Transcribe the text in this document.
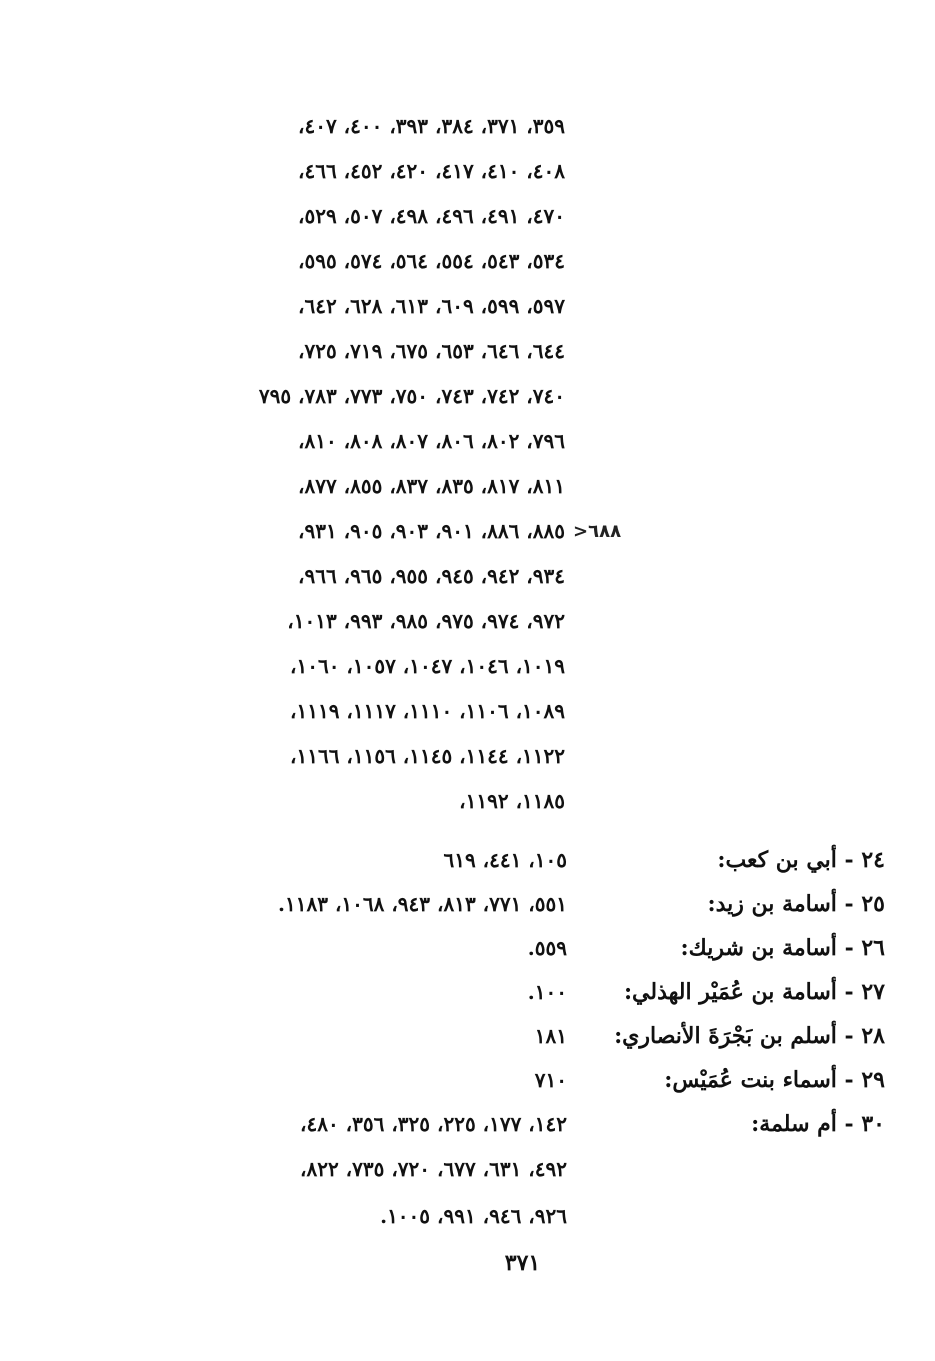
٣٥٩، ٣٧١، ٣٨٤، ٣٩٣، ٤٠٠، ٤٠٧،
٤٠٨، ٤١٠، ٤١٧، ٤٢٠، ٤٥٢، ٤٦٦،
٤٧٠، ٤٩١، ٤٩٦، ٤٩٨، ٥٠٧، ٥٢٩،
٥٣٤، ٥٤٣، ٥٥٤، ٥٦٤، ٥٧٤، ٥٩٥،
٥٩٧، ٥٩٩، ٦٠٩، ٦١٣، ٦٢٨، ٦٤٢،
٦٤٤، ٦٤٦، ٦٥٣، ٦٧٥، ٧١٩، ٧٢٥،
٧٤٠، ٧٤٢، ٧٤٣، ٧٥٠، ٧٧٣، ٧٨٣، ٧٩٥
٧٩٦، ٨٠٢، ٨٠٦، ٨٠٧، ٨٠٨، ٨١٠،
٨١١، ٨١٧، ٨٣٥، ٨٣٧، ٨٥٥، ٨٧٧،
٨٨٥، ٨٨٦، ٩٠١، ٩٠٣، ٩٠٥، ٩٣١، ٦٨٨<
٩٣٤، ٩٤٢، ٩٤٥، ٩٥٥، ٩٦٥، ٩٦٦،
٩٧٢، ٩٧٤، ٩٧٥، ٩٨٥، ٩٩٣، ١٠١٣،
١٠١٩، ١٠٤٦، ١٠٤٧، ١٠٥٧، ١٠٦٠،
١٠٨٩، ١١٠٦، ١١١٠، ١١١٧، ١١١٩،
١١٢٢، ١١٤٤، ١١٤٥، ١١٥٦، ١١٦٦،
١١٨٥، ١١٩٢،
٢٤ - أبي بن كعب:
١٠٥، ٤٤١، ٦١٩
٢٥ - أسامة بن زيد:
٥٥١، ٧٧١، ٨١٣، ٩٤٣، ١٠٦٨، ١١٨٣.
٢٦ - أسامة بن شريك:
٥٥٩.
٢٧ - أسامة بن عُمَيْر الهذلي:
١٠٠.
٢٨ - أسلم بن بَجْرَةَ الأنصاري:
١٨١
٢٩ - أسماء بنت عُمَيْس:
٧١٠
٣٠ - أم سلمة:
١٤٢، ١٧٧، ٢٢٥، ٣٢٥، ٣٥٦، ٤٨٠،
٤٩٢، ٦٣١، ٦٧٧، ٧٢٠، ٧٣٥، ٨٢٢،
٩٢٦، ٩٤٦، ٩٩١، ١٠٠٥.
٣٧١
